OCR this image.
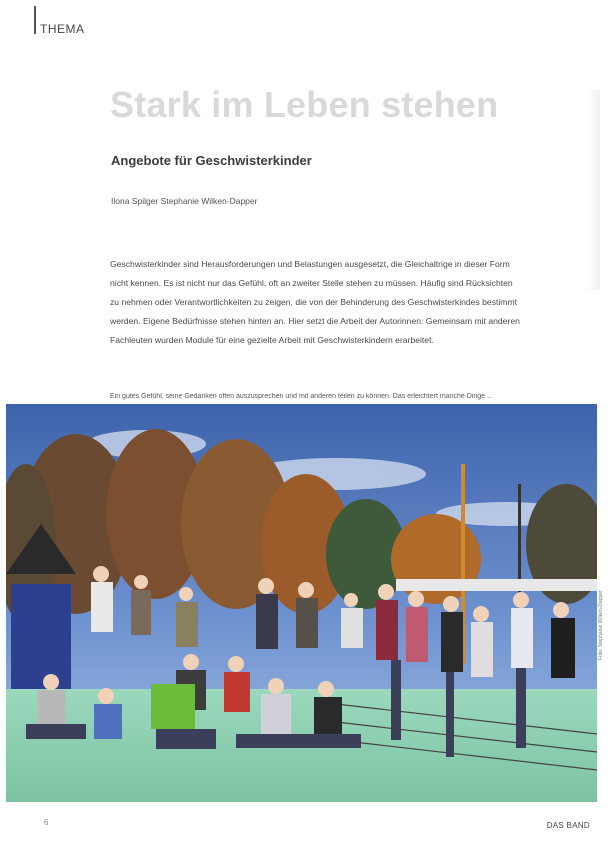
THEMA
Stark im Leben stehen
Angebote für Geschwisterkinder
Ilona Spilger Stephanie Wilken-Dapper

Geschwisterkinder sind Herausforderungen und Belastungen ausgesetzt, die Gleichaltrige in dieser Form nicht kennen. Es ist nicht nur das Gefühl, oft an zweiter Stelle stehen zu müssen. Häufig sind Rücksichten zu nehmen oder Verantwortlichkeiten zu zeigen, die von der Behinderung des Geschwisterkindes bestimmt werden. Eigene Bedürfnisse stehen hinten an. Hier setzt die Arbeit der Autorinnen: Gemeinsam mit anderen Fachleuten wurden Module für eine gezielte Arbeit mit Geschwisterkindern erarbeitet.

Ein gutes Gefühl, seine Gedanken offen auszusprechen und mit anderen teilen zu können. Das erleichtert manche Dinge ...
Foto: Stephanie Wilken-Dapper
6	DAS BAND
